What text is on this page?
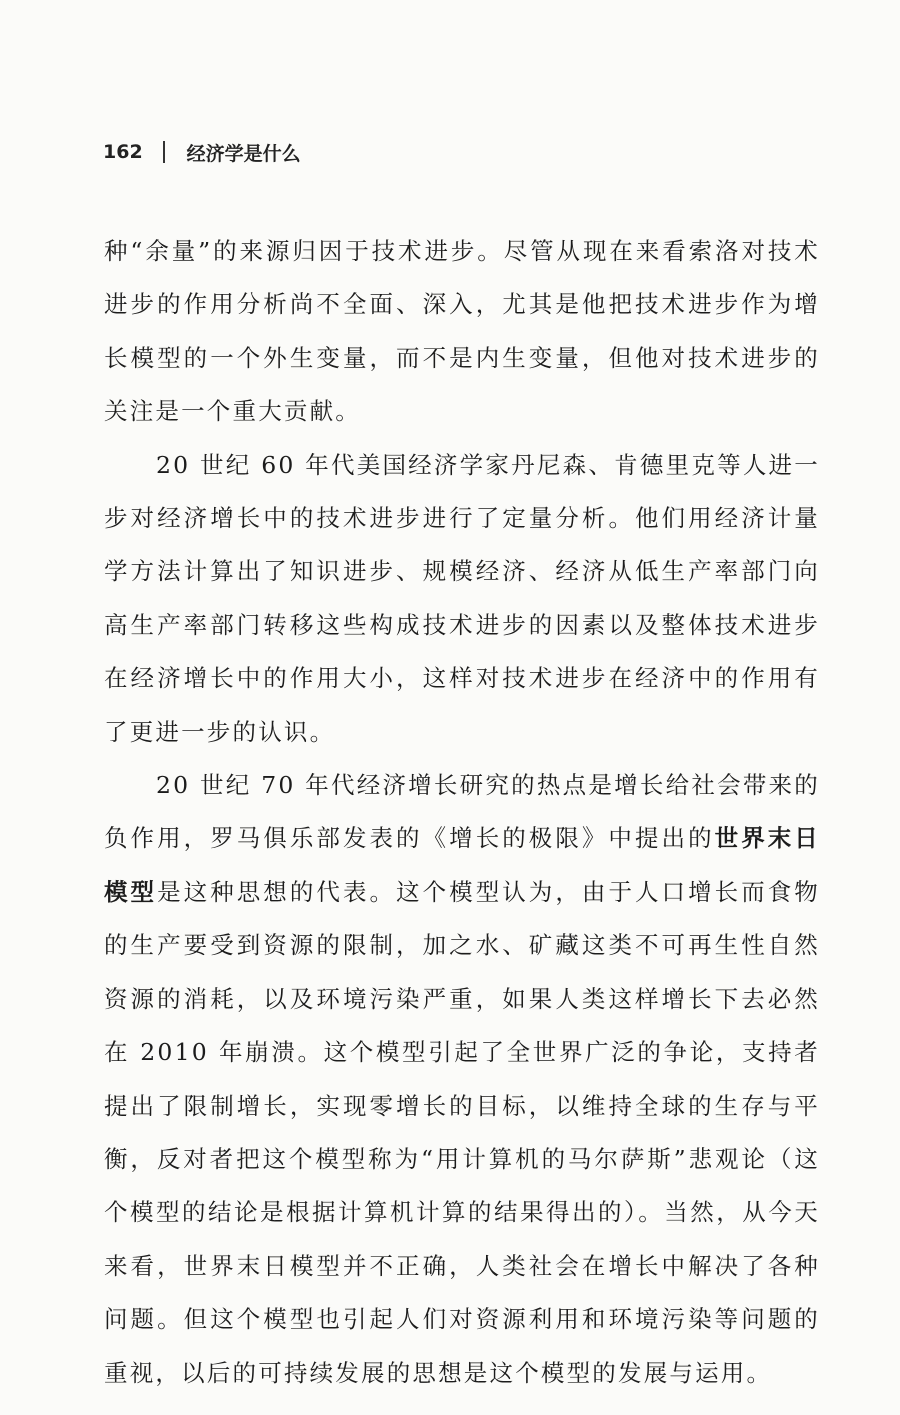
162 经济学是什么

种“余量”的来源归因于技术进步。尽管从现在来看索洛对技术进步的作用分析尚不全面、深入，尤其是他把技术进步作为增长模型的一个外生变量，而不是内生变量，但他对技术进步的关注是一个重大贡献。

20 世纪 60 年代美国经济学家丹尼森、肯德里克等人进一步对经济增长中的技术进步进行了定量分析。他们用经济计量学方法计算出了知识进步、规模经济、经济从低生产率部门向高生产率部门转移这些构成技术进步的因素以及整体技术进步在经济增长中的作用大小，这样对技术进步在经济中的作用有了更进一步的认识。

20 世纪 70 年代经济增长研究的热点是增长给社会带来的负作用，罗马俱乐部发表的《增长的极限》中提出的世界末日模型是这种思想的代表。这个模型认为，由于人口增长而食物的生产要受到资源的限制，加之水、矿藏这类不可再生性自然资源的消耗，以及环境污染严重，如果人类这样增长下去必然在 2010 年崩溃。这个模型引起了全世界广泛的争论，支持者提出了限制增长，实现零增长的目标，以维持全球的生存与平衡，反对者把这个模型称为“用计算机的马尔萨斯”悲观论（这个模型的结论是根据计算机计算的结果得出的）。当然，从今天来看，世界末日模型并不正确，人类社会在增长中解决了各种问题。但这个模型也引起人们对资源利用和环境污染等问题的重视，以后的可持续发展的思想是这个模型的发展与运用。
